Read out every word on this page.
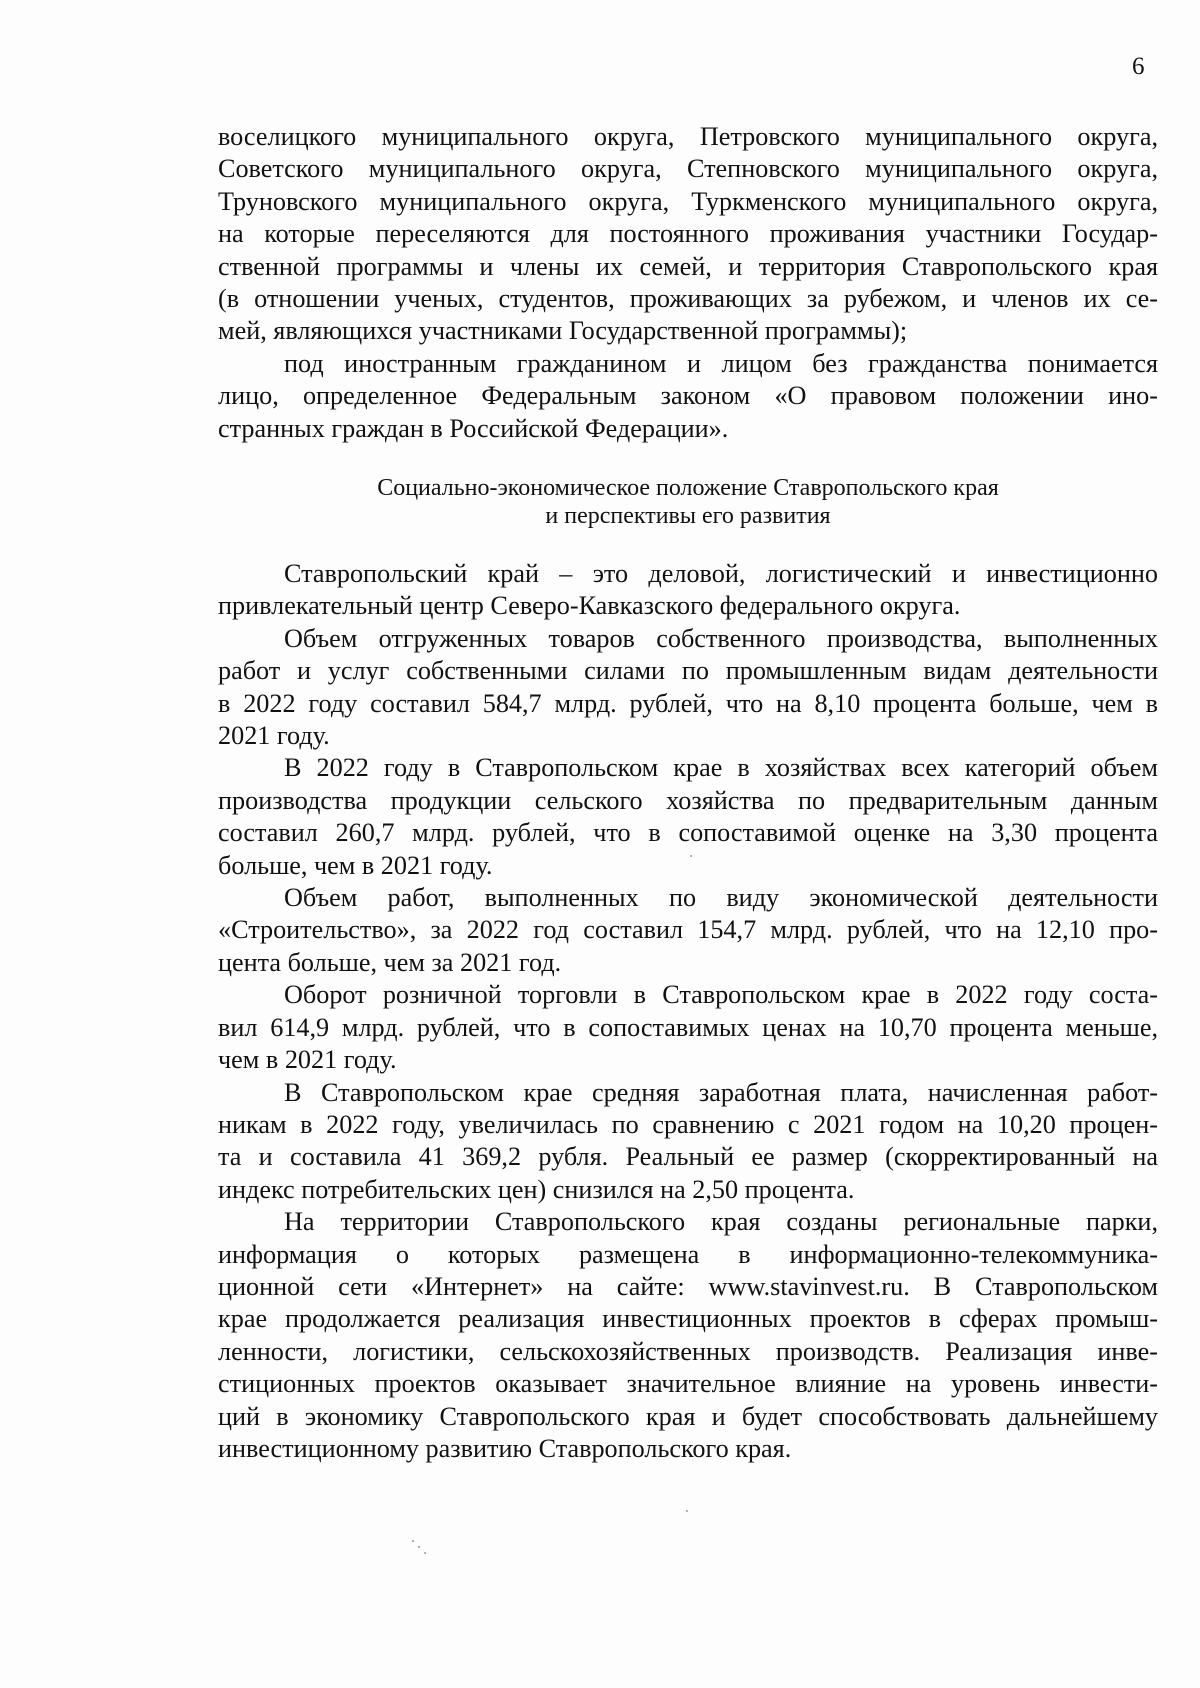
6
воселицкого муниципального округа, Петровского муниципального округа,
Советского муниципального округа, Степновского муниципального округа,
Труновского муниципального округа, Туркменского муниципального округа,
на которые переселяются для постоянного проживания участники Государ-
ственной программы и члены их семей, и территория Ставропольского края
(в отношении ученых, студентов, проживающих за рубежом, и членов их се-
мей, являющихся участниками Государственной программы);
под иностранным гражданином и лицом без гражданства понимается
лицо, определенное Федеральным законом «О правовом положении ино-
странных граждан в Российской Федерации».
Социально-экономическое положение Ставропольского края
и перспективы его развития
Ставропольский край – это деловой, логистический и инвестиционно
привлекательный центр Северо-Кавказского федерального округа.
Объем отгруженных товаров собственного производства, выполненных
работ и услуг собственными силами по промышленным видам деятельности
в 2022 году составил 584,7 млрд. рублей, что на 8,10 процента больше, чем в
2021 году.
В 2022 году в Ставропольском крае в хозяйствах всех категорий объем
производства продукции сельского хозяйства по предварительным данным
составил 260,7 млрд. рублей, что в сопоставимой оценке на 3,30 процента
больше, чем в 2021 году.
Объем работ, выполненных по виду экономической деятельности
«Строительство», за 2022 год составил 154,7 млрд. рублей, что на 12,10 про-
цента больше, чем за 2021 год.
Оборот розничной торговли в Ставропольском крае в 2022 году соста-
вил 614,9 млрд. рублей, что в сопоставимых ценах на 10,70 процента меньше,
чем в 2021 году.
В Ставропольском крае средняя заработная плата, начисленная работ-
никам в 2022 году, увеличилась по сравнению с 2021 годом на 10,20 процен-
та и составила 41 369,2 рубля. Реальный ее размер (скорректированный на
индекс потребительских цен) снизился на 2,50 процента.
На территории Ставропольского края созданы региональные парки,
информация о которых размещена в информационно-телекоммуника-
ционной сети «Интернет» на сайте: www.stavinvest.ru. В Ставропольском
крае продолжается реализация инвестиционных проектов в сферах промыш-
ленности, логистики, сельскохозяйственных производств. Реализация инве-
стиционных проектов оказывает значительное влияние на уровень инвести-
ций в экономику Ставропольского края и будет способствовать дальнейшему
инвестиционному развитию Ставропольского края.
